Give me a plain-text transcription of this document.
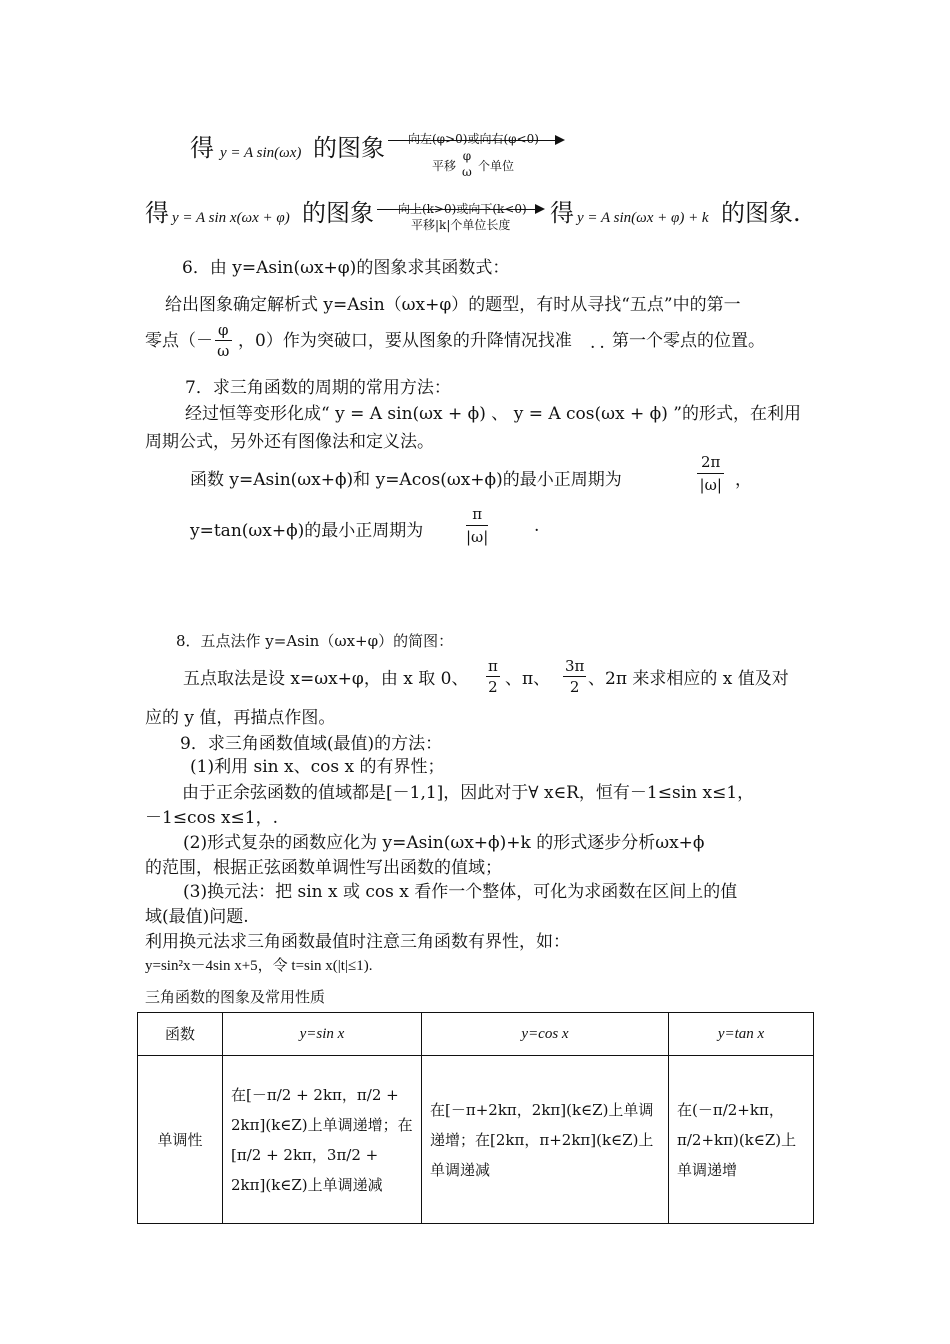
得 y = A sin(ωx) 的图象 向左(φ>0)或向右(φ<0)
平移
φ
ω 个单位
得 y = A sin x(ωx + φ) 的图象 向上(k>0)或向下(k<0)
平移|k|个单位长度 得 y = A sin(ωx + φ) + k 的图象.
6．由 y=Asin(ωx+φ)的图象求其函数式：
给出图象确定解析式 y=Asin（ωx+φ）的题型，有时从寻找“五点”中的第一
零点（－
φ
ω ，0）作为突破口，要从图象的升降情况找准 .. 第一个零点的位置。
7．求三角函数的周期的常用方法：
经过恒等变形化成“ y = A sin(ωx + ϕ) 、 y = A cos(ωx + ϕ) ”的形式，在利用
周期公式，另外还有图像法和定义法。
函数 y=Asin(ωx+ϕ)和 y=Acos(ωx+ϕ)的最小正周期为
2π
|ω| ，
y=tan(ωx+ϕ)的最小正周期为
π
|ω|
.
8．五点法作 y=Asin（ωx+φ）的简图：
五点取法是设 x=ωx+φ，由 x 取 0、
π
2 、π、
3π
2 、2π 来求相应的 x 值及对
应的 y 值，再描点作图。
9．求三角函数值域(最值)的方法：
(1)利用 sin x、cos x 的有界性；
由于正余弦函数的值域都是[－1,1]，因此对于∀ x∈R，恒有－1≤sin x≤1，
－1≤cos x≤1，.
(2)形式复杂的函数应化为 y=Asin(ωx+ϕ)+k 的形式逐步分析ωx+ϕ
的范围，根据正弦函数单调性写出函数的值域；
(3)换元法：把 sin x 或 cos x 看作一个整体，可化为求函数在区间上的值
域(最值)问题.
利用换元法求三角函数最值时注意三角函数有界性，如：
y=sin²x－4sin x+5，令 t=sin x(|t|≤1).
三角函数的图象及常用性质
函数	y=sin x	y=cos x	y=tan x
单调性	在[－π/2 + 2kπ，π/2 + 2kπ](k∈Z)上单调递增；在[π/2 + 2kπ，3π/2 + 2kπ](k∈Z)上单调递减	在[－π+2kπ，2kπ](k∈Z)上单调递增；在[2kπ，π+2kπ](k∈Z)上单调递减	在(－π/2+kπ，π/2+kπ)(k∈Z)上单调递增
